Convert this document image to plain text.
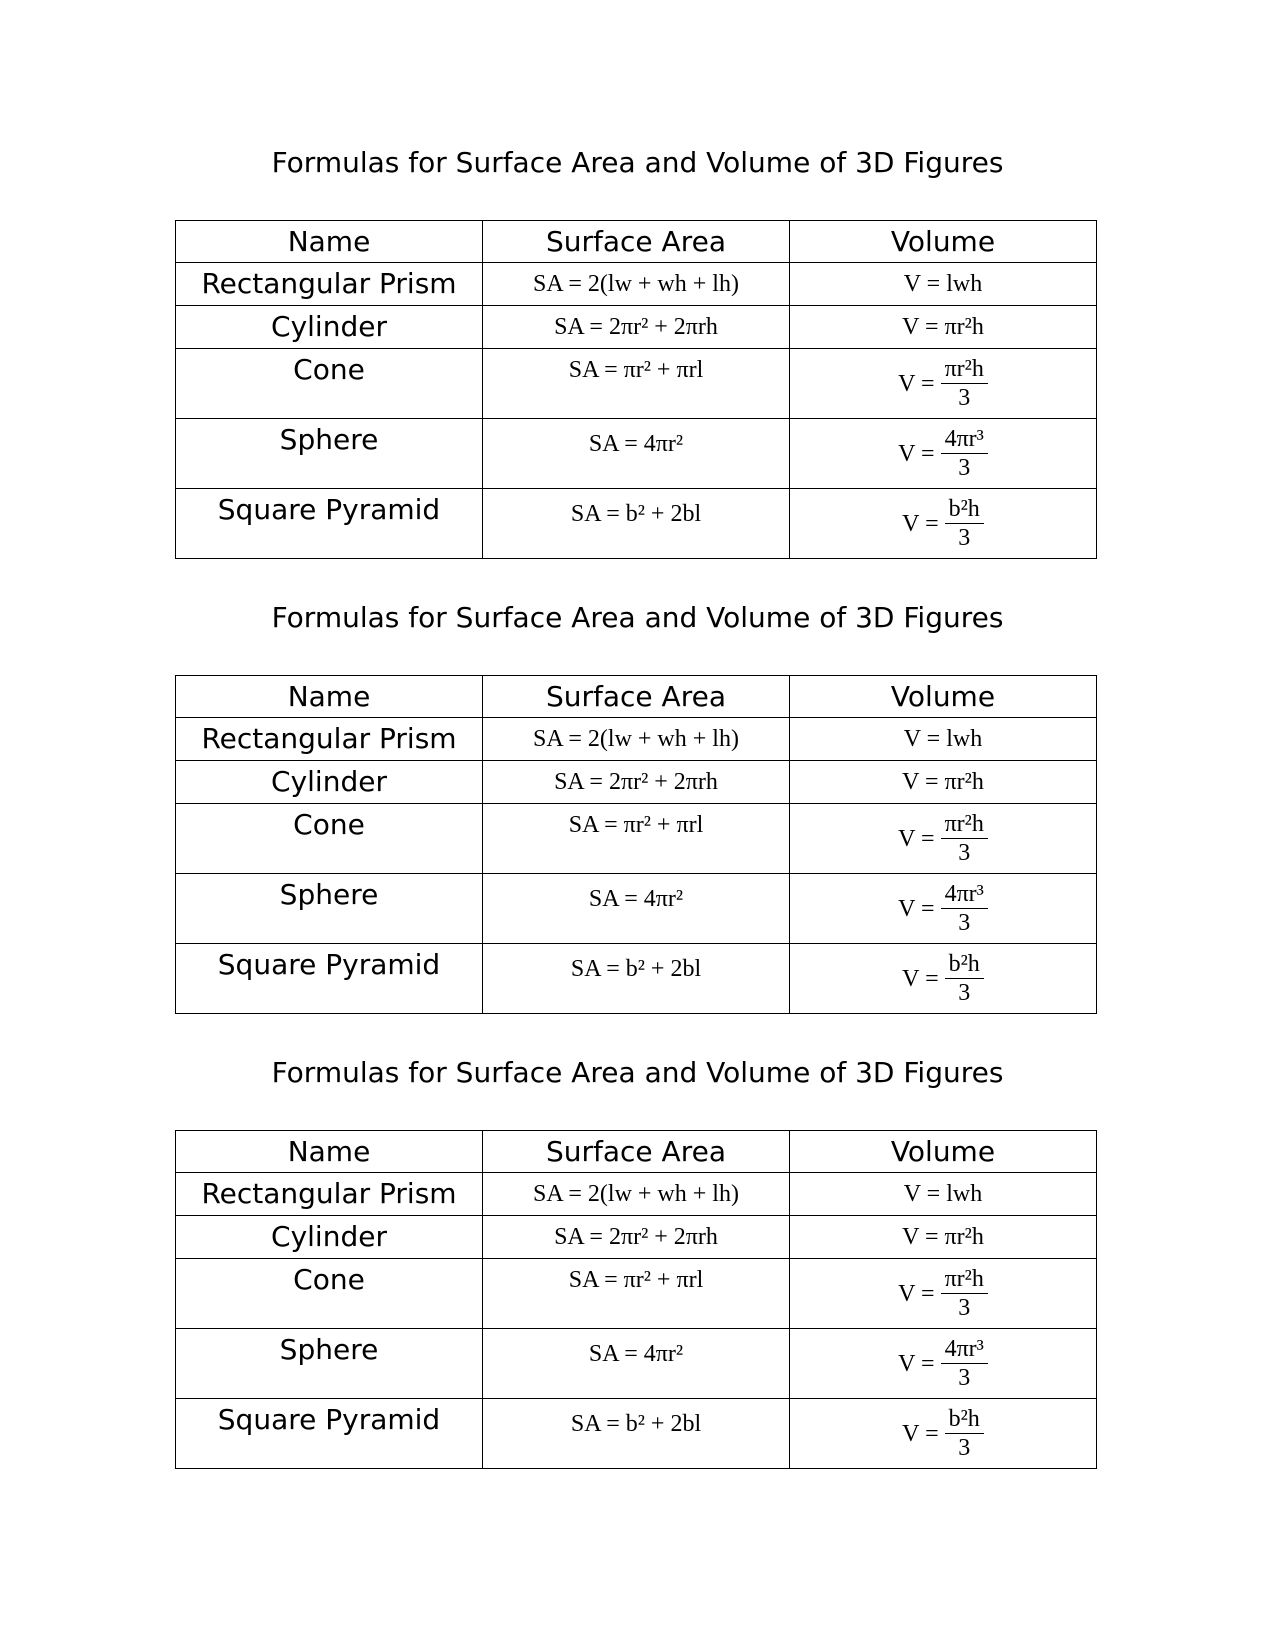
Formulas for Surface Area and Volume of 3D Figures
Name	Surface Area	Volume

Rectangular Prism	SA = 2(lw + wh + lh)	V = lwh

Cylinder	SA = 2πr² + 2πrh	V = πr²h

Cone	SA = πr² + πrl	$V = \frac{\text{πr²h}}{3}$

Sphere	SA = 4πr²	$V = \frac{\text{4πr³}}{3}$

Square Pyramid	SA = b² + 2bl	$V = \frac{\text{b²h}}{3}$
Formulas for Surface Area and Volume of 3D Figures
Name	Surface Area	Volume

Rectangular Prism	SA = 2(lw + wh + lh)	V = lwh

Cylinder	SA = 2πr² + 2πrh	V = πr²h

Cone	SA = πr² + πrl	$V = \frac{\text{πr²h}}{3}$

Sphere	SA = 4πr²	$V = \frac{\text{4πr³}}{3}$

Square Pyramid	SA = b² + 2bl	$V = \frac{\text{b²h}}{3}$
Formulas for Surface Area and Volume of 3D Figures
Name	Surface Area	Volume

Rectangular Prism	SA = 2(lw + wh + lh)	V = lwh

Cylinder	SA = 2πr² + 2πrh	V = πr²h

Cone	SA = πr² + πrl	$V = \frac{\text{πr²h}}{3}$

Sphere	SA = 4πr²	$V = \frac{\text{4πr³}}{3}$

Square Pyramid	SA = b² + 2bl	$V = \frac{\text{b²h}}{3}$
